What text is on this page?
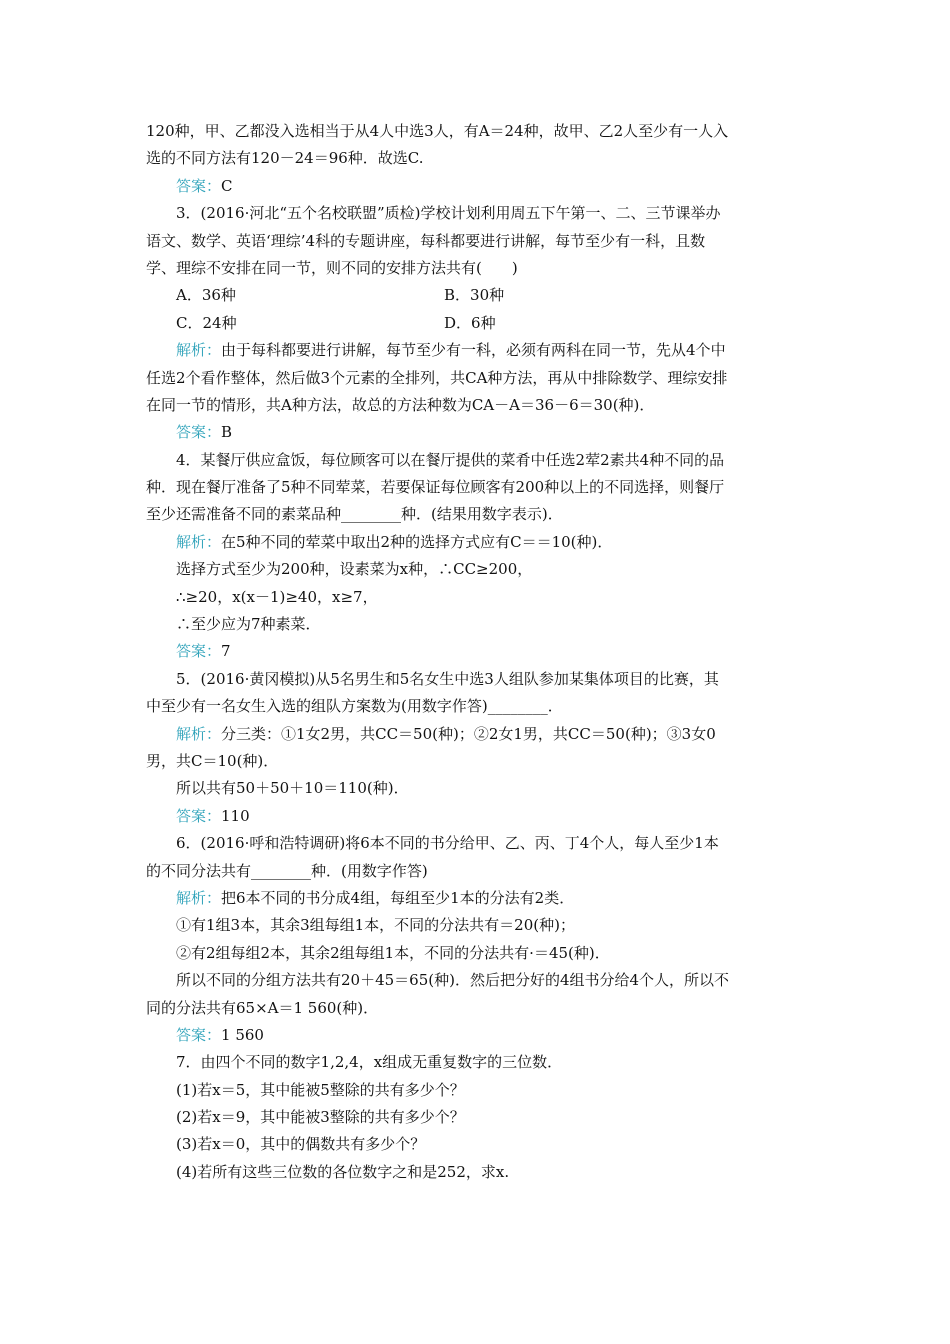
120种，甲、乙都没入选相当于从4人中选3人，有A＝24种，故甲、乙2人至少有一人入
选的不同方法有120－24＝96种．故选C.
答案：C
3．(2016·河北“五个名校联盟”质检)学校计划利用周五下午第一、二、三节课举办
语文、数学、英语‘理综’4科的专题讲座，每科都要进行讲解，每节至少有一科，且数
学、理综不安排在同一节，则不同的安排方法共有(　　)
A．36种	B．30种
C．24种	D．6种
解析：由于每科都要进行讲解，每节至少有一科，必须有两科在同一节，先从4个中
任选2个看作整体，然后做3个元素的全排列，共CA种方法，再从中排除数学、理综安排
在同一节的情形，共A种方法，故总的方法种数为CA－A＝36－6＝30(种)．
答案：B
4．某餐厅供应盒饭，每位顾客可以在餐厅提供的菜肴中任选2荤2素共4种不同的品
种．现在餐厅准备了5种不同荤菜，若要保证每位顾客有200种以上的不同选择，则餐厅
至少还需准备不同的素菜品种________种．(结果用数字表示)．
解析：在5种不同的荤菜中取出2种的选择方式应有C＝＝10(种)．
选择方式至少为200种，设素菜为x种，∴CC≥200，
∴≥20，x(x－1)≥40，x≥7，
∴至少应为7种素菜．
答案：7
5．(2016·黄冈模拟)从5名男生和5名女生中选3人组队参加某集体项目的比赛，其
中至少有一名女生入选的组队方案数为(用数字作答)________．
解析：分三类：①1女2男，共CC＝50(种)；②2女1男，共CC＝50(种)；③3女0
男，共C＝10(种)．
所以共有50＋50＋10＝110(种)．
答案：110
6．(2016·呼和浩特调研)将6本不同的书分给甲、乙、丙、丁4个人，每人至少1本
的不同分法共有________种．(用数字作答)
解析：把6本不同的书分成4组，每组至少1本的分法有2类．
①有1组3本，其余3组每组1本，不同的分法共有＝20(种)；
②有2组每组2本，其余2组每组1本，不同的分法共有·＝45(种)．
所以不同的分组方法共有20＋45＝65(种)．然后把分好的4组书分给4个人，所以不
同的分法共有65×A＝1 560(种)．
答案：1 560
7．由四个不同的数字1,2,4，x组成无重复数字的三位数．
(1)若x＝5，其中能被5整除的共有多少个？
(2)若x＝9，其中能被3整除的共有多少个？
(3)若x＝0，其中的偶数共有多少个？
(4)若所有这些三位数的各位数字之和是252，求x.
